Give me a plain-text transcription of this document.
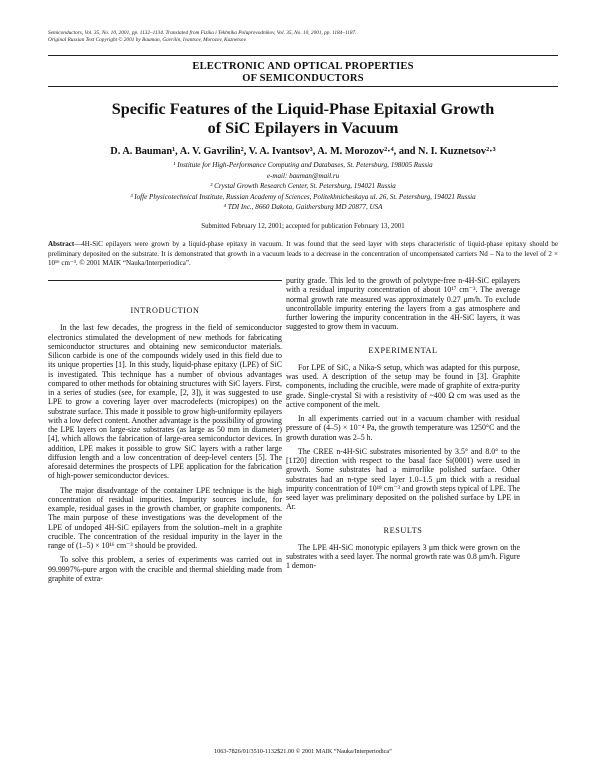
Semiconductors, Vol. 35, No. 10, 2001, pp. 1132–1134. Translated from Fizika i Tekhnika Poluprovodnikov, Vol. 35, No. 10, 2001, pp. 1184–1187.
Original Russian Text Copyright © 2001 by Bauman, Gavrilin, Ivantsov, Morozov, Kuznetsov.
ELECTRONIC AND OPTICAL PROPERTIES
OF SEMICONDUCTORS
Specific Features of the Liquid-Phase Epitaxial Growth
of SiC Epilayers in Vacuum
D. A. Bauman¹, A. V. Gavrilin², V. A. Ivantsov³, A. M. Morozov²·⁴, and N. I. Kuznetsov²·³
¹ Institute for High-Performance Computing and Databases, St. Petersburg, 198005 Russia
e-mail: bauman@mail.ru
² Crystal Growth Research Center, St. Petersburg, 194021 Russia
³ Ioffe Physicotechnical Institute, Russian Academy of Sciences, Politekhnicheskaya ul. 26, St. Petersburg, 194021 Russia
⁴ TDI Inc., 8660 Dakota, Gaithersburg MD 20877, USA
Submitted February 12, 2001; accepted for publication February 13, 2001
Abstract—4H-SiC epilayers were grown by a liquid-phase epitaxy in vacuum. It was found that the seed layer with steps characteristic of liquid-phase epitaxy should be preliminary deposited on the substrate. It is demonstrated that growth in a vacuum leads to a decrease in the concentration of uncompensated carriers Nd – Na to the level of 2 × 10¹⁶ cm⁻³. © 2001 MAIK “Nauka/Interperiodica”.
INTRODUCTION

In the last few decades, the progress in the field of semiconductor electronics stimulated the development of new methods for fabricating semiconductor structures and obtaining new semiconductor materials. Silicon carbide is one of the compounds widely used in this field due to its unique properties [1]. In this study, liquid-phase epitaxy (LPE) of SiC is investigated. This technique has a number of obvious advantages compared to other methods for obtaining structures with SiC layers. First, in a series of studies (see, for example, [2, 3]), it was suggested to use LPE to grow a covering layer over macrodefects (micropipes) on the substrate surface. This made it possible to grow high-uniformity epilayers with a low defect content. Another advantage is the possibility of growing the LPE layers on large-size substrates (as large as 50 mm in diameter) [4], which allows the fabrication of large-area semiconductor devices. In addition, LPE makes it possible to grow SiC layers with a rather large diffusion length and a low concentration of deep-level centers [5]. The aforesaid determines the prospects of LPE application for the fabrication of high-power semiconductor devices.

The major disadvantage of the container LPE technique is the high concentration of residual impurities. Impurity sources include, for example, residual gases in the growth chamber, or graphite components. The main purpose of these investigations was the development of the LPE of undoped 4H-SiC epilayers from the solution–melt in a graphite crucible. The concentration of the residual impurity in the layer in the range of (1–5) × 10¹⁶ cm⁻³ should be provided.

To solve this problem, a series of experiments was carried out in 99.9997%-pure argon with the crucible and thermal shielding made from graphite of extra-

purity grade. This led to the growth of polytype-free n-4H-SiC epilayers with a residual impurity concentration of about 10¹⁷ cm⁻³. The average normal growth rate measured was approximately 0.27 μm/h. To exclude uncontrollable impurity entering the layers from a gas atmosphere and further lowering the impurity concentration in the 4H-SiC layers, it was suggested to grow them in vacuum.

EXPERIMENTAL

For LPE of SiC, a Nika-S setup, which was adapted for this purpose, was used. A description of the setup may be found in [3]. Graphite components, including the crucible, were made of graphite of extra-purity grade. Single-crystal Si with a resistivity of ~400 Ω cm was used as the active component of the melt.

In all experiments carried out in a vacuum chamber with residual pressure of (4–5) × 10⁻⁴ Pa, the growth temperature was 1250°C and the growth duration was 2–5 h.

The CREE n-4H-SiC substrates misoriented by 3.5° and 8.0° to the [11̄20] direction with respect to the basal face Si(0001) were used in growth. Some substrates had a mirrorlike polished surface. Other substrates had an n-type seed layer 1.0–1.5 μm thick with a residual impurity concentration of 10¹⁸ cm⁻³ and growth steps typical of LPE. The seed layer was preliminary deposited on the polished surface by LPE in Ar.

RESULTS

The LPE 4H-SiC monotypic epilayers 3 μm thick were grown on the substrates with a seed layer. The normal growth rate was 0.8 μm/h. Figure 1 demon-

1063-7826/01/3510-1132$21.00 © 2001 MAIK “Nauka/Interperiodica”
